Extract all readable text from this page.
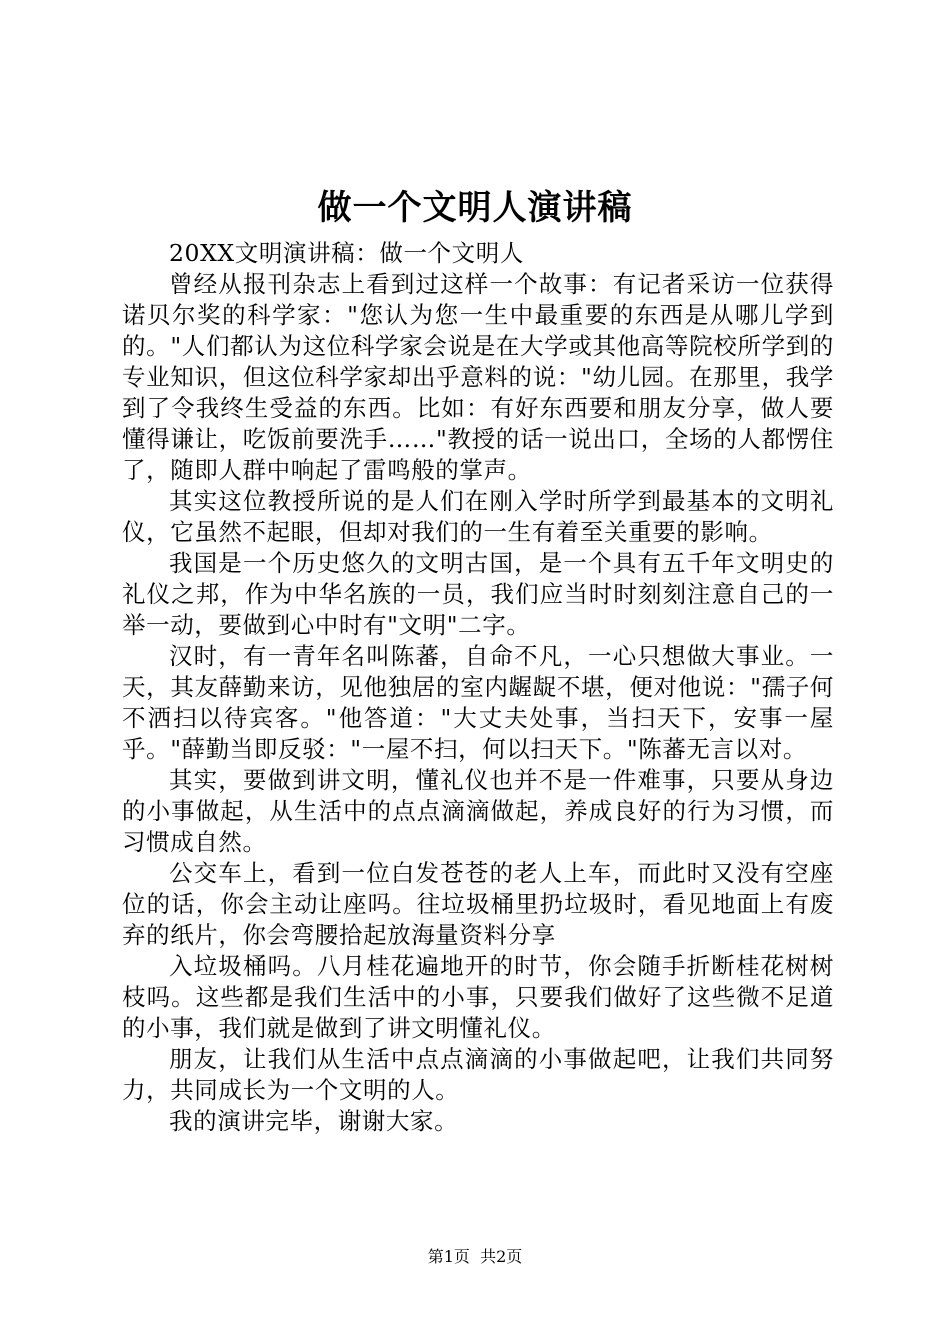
做一个文明人演讲稿

20XX文明演讲稿：做一个文明人

曾经从报刊杂志上看到过这样一个故事：有记者采访一位获得诺贝尔奖的科学家："您认为您一生中最重要的东西是从哪儿学到的。"人们都认为这位科学家会说是在大学或其他高等院校所学到的专业知识，但这位科学家却出乎意料的说："幼儿园。在那里，我学到了令我终生受益的东西。比如：有好东西要和朋友分享，做人要懂得谦让，吃饭前要洗手……"教授的话一说出口，全场的人都愣住了，随即人群中响起了雷鸣般的掌声。

其实这位教授所说的是人们在刚入学时所学到最基本的文明礼仪，它虽然不起眼，但却对我们的一生有着至关重要的影响。

我国是一个历史悠久的文明古国，是一个具有五千年文明史的礼仪之邦，作为中华名族的一员，我们应当时时刻刻注意自己的一举一动，要做到心中时有"文明"二字。

汉时，有一青年名叫陈蕃，自命不凡，一心只想做大事业。一天，其友薛勤来访，见他独居的室内龌龊不堪，便对他说："孺子何不洒扫以待宾客。"他答道："大丈夫处事，当扫天下，安事一屋乎。"薛勤当即反驳："一屋不扫，何以扫天下。"陈蕃无言以对。

其实，要做到讲文明，懂礼仪也并不是一件难事，只要从身边的小事做起，从生活中的点点滴滴做起，养成良好的行为习惯，而习惯成自然。

公交车上，看到一位白发苍苍的老人上车，而此时又没有空座位的话，你会主动让座吗。往垃圾桶里扔垃圾时，看见地面上有废弃的纸片，你会弯腰拾起放海量资料分享

入垃圾桶吗。八月桂花遍地开的时节，你会随手折断桂花树树枝吗。这些都是我们生活中的小事，只要我们做好了这些微不足道的小事，我们就是做到了讲文明懂礼仪。

朋友，让我们从生活中点点滴滴的小事做起吧，让我们共同努力，共同成长为一个文明的人。

我的演讲完毕，谢谢大家。

第1页 共2页
